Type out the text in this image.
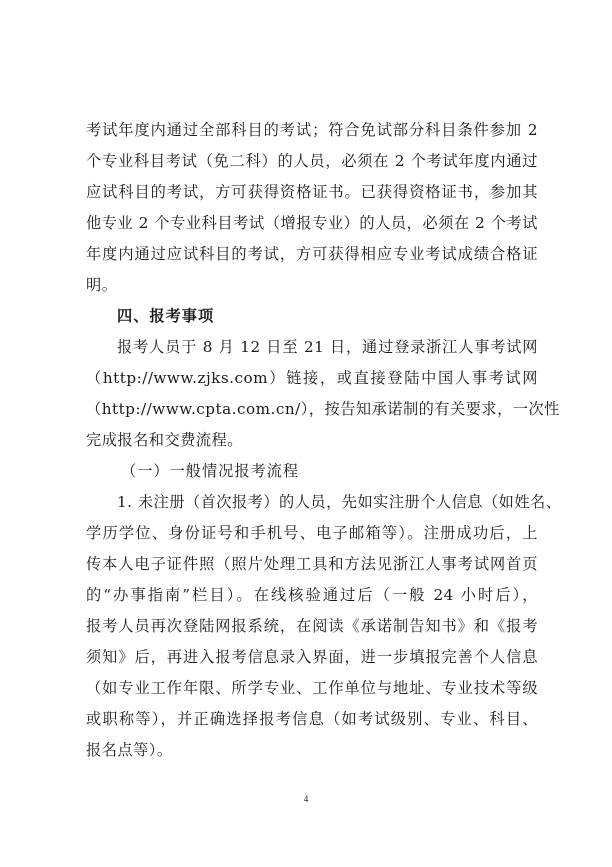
考试年度内通过全部科目的考试；符合免试部分科目条件参加 2
个专业科目考试（免二科）的人员，必须在 2 个考试年度内通过
应试科目的考试，方可获得资格证书。已获得资格证书，参加其
他专业 2 个专业科目考试（增报专业）的人员，必须在 2 个考试
年度内通过应试科目的考试，方可获得相应专业考试成绩合格证
明。
四、报考事项
报考人员于 8 月 12 日至 21 日，通过登录浙江人事考试网
（http://www.zjks.com）链接，或直接登陆中国人事考试网
（http://www.cpta.com.cn/），按告知承诺制的有关要求，一次性
完成报名和交费流程。
（一）一般情况报考流程
1. 未注册（首次报考）的人员，先如实注册个人信息（如姓名、
学历学位、身份证号和手机号、电子邮箱等）。注册成功后，上
传本人电子证件照（照片处理工具和方法见浙江人事考试网首页
的“办事指南”栏目）。在线核验通过后（一般 24 小时后），
报考人员再次登陆网报系统，在阅读《承诺制告知书》和《报考
须知》后，再进入报考信息录入界面，进一步填报完善个人信息
（如专业工作年限、所学专业、工作单位与地址、专业技术等级
或职称等），并正确选择报考信息（如考试级别、专业、科目、
报名点等）。
4
